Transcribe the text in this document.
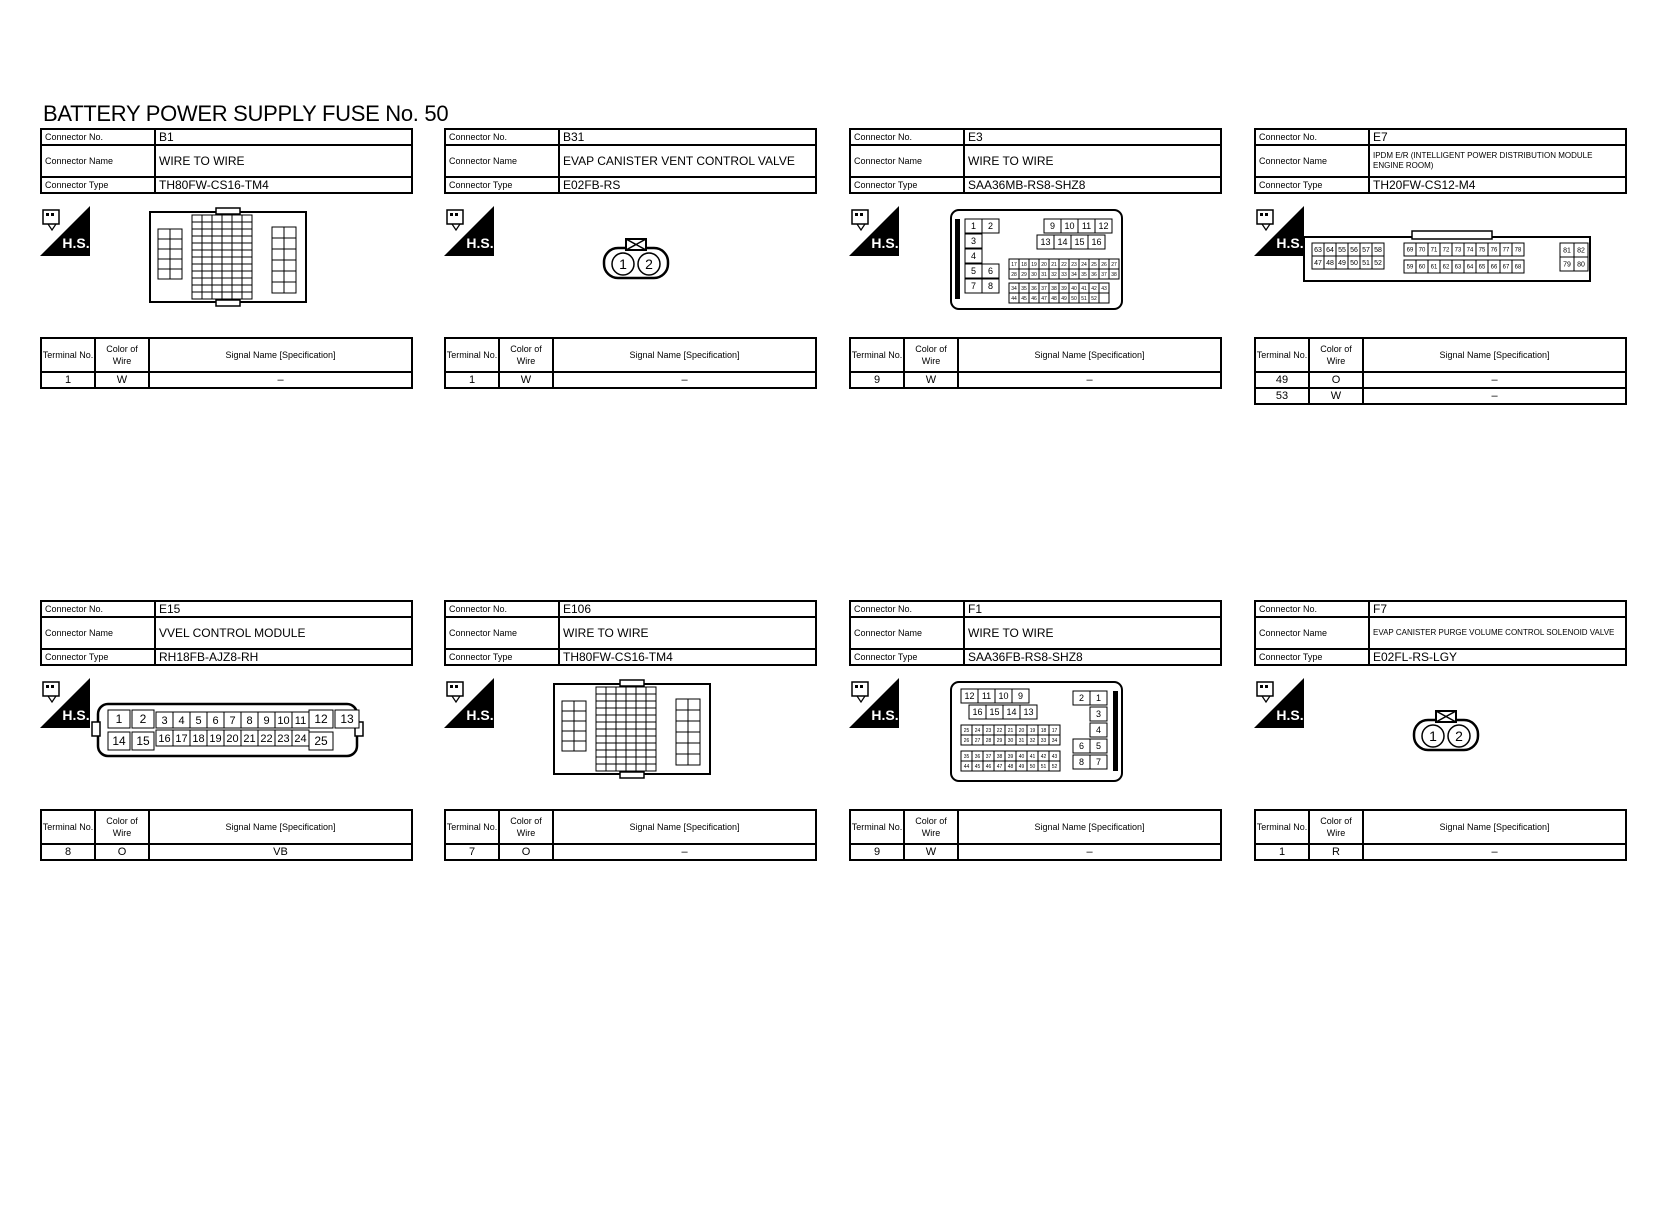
BATTERY POWER SUPPLY FUSE No. 50
Connector No.	B1
Connector Name	WIRE TO WIRE
Connector Type	TH80FW-CS16-TM4
H.S.
Terminal No.	Color of Wire	Signal Name [Specification]
1	W	–
Connector No.	B31
Connector Name	EVAP CANISTER VENT CONTROL VALVE
Connector Type	E02FB-RS
H.S.
1 2
Terminal No.	Color of Wire	Signal Name [Specification]
1	W	–
Connector No.	E3
Connector Name	WIRE TO WIRE
Connector Type	SAA36MB-RS8-SHZ8
H.S.
1 2
3
4
5 6
7 8
9 10 11 12
13 14 15 16
17 18 19 20 21 22 23 24 25 26 27
28 29 30 31 32 33 34 35 36 37 38
34 35 36 37 38 39 40 41 42 43
44 45 46 47 48 49 50 51 52
Terminal No.	Color of Wire	Signal Name [Specification]
9	W	–
Connector No.	E7
Connector Name	IPDM E/R (INTELLIGENT POWER DISTRIBUTION MODULE ENGINE ROOM)
Connector Type	TH20FW-CS12-M4
H.S. 63 64 55 56 57 58
47 48 49 50 51 52
69 70 71 72 73 74 75 76 77 78
59 60 61 62 63 64 65 66 67 68
81 82
79 80
Terminal No.	Color of Wire	Signal Name [Specification]
49	O	–
53	W	–
Connector No.	E15
Connector Name	VVEL CONTROL MODULE
Connector Type	RH18FB-AJZ8-RH
H.S. 1 2 3 4 5 6 7 8 9 10 11 12 13
14 15 16 17 18 19 20 21 22 23 24 25
Terminal No.	Color of Wire	Signal Name [Specification]
8	O	VB
Connector No.	E106
Connector Name	WIRE TO WIRE
Connector Type	TH80FW-CS16-TM4
H.S.
Terminal No.	Color of Wire	Signal Name [Specification]
7	O	–
Connector No.	F1
Connector Name	WIRE TO WIRE
Connector Type	SAA36FB-RS8-SHZ8
H.S.
12 11 10 9
16 15 14 13
2 1
3
4
6 5
8 7
25 24 23 22 21 20 19 18 17
26 27 28 29 30 31 32 33 34
35 36 37 38 39 40 41 42 43
44 45 46 47 48 49 50 51 52
Terminal No.	Color of Wire	Signal Name [Specification]
9	W	–
Connector No.	F7
Connector Name	EVAP CANISTER PURGE VOLUME CONTROL SOLENOID VALVE
Connector Type	E02FL-RS-LGY
H.S.
1 2
Terminal No.	Color of Wire	Signal Name [Specification]
1	R	–
